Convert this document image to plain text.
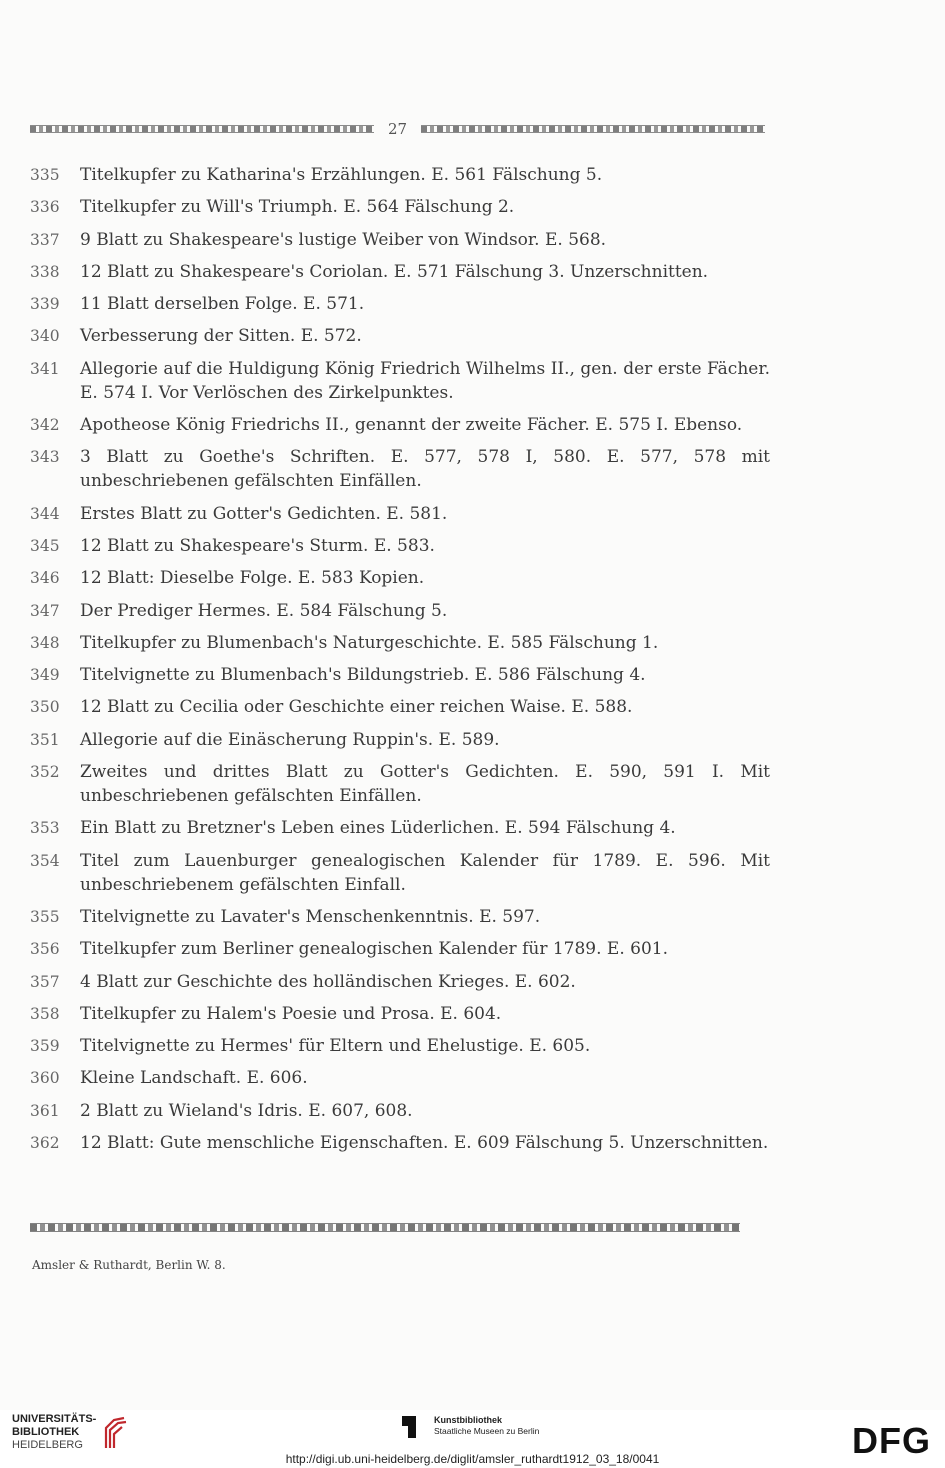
27
335	Titelkupfer zu Katharina's Erzählungen. E. 561 Fälschung 5.
336	Titelkupfer zu Will's Triumph. E. 564 Fälschung 2.
337	9 Blatt zu Shakespeare's lustige Weiber von Windsor. E. 568.
338	12 Blatt zu Shakespeare's Coriolan. E. 571 Fälschung 3. Unzerschnitten.
339	11 Blatt derselben Folge. E. 571.
340	Verbesserung der Sitten. E. 572.
341	Allegorie auf die Huldigung König Friedrich Wilhelms II., gen. der erste Fächer. E. 574 I. Vor Verlöschen des Zirkelpunktes.
342	Apotheose König Friedrichs II., genannt der zweite Fächer. E. 575 I. Ebenso.
343	3 Blatt zu Goethe's Schriften. E. 577, 578 I, 580. E. 577, 578 mit unbeschriebenen gefälschten Einfällen.
344	Erstes Blatt zu Gotter's Gedichten. E. 581.
345	12 Blatt zu Shakespeare's Sturm. E. 583.
346	12 Blatt: Dieselbe Folge. E. 583 Kopien.
347	Der Prediger Hermes. E. 584 Fälschung 5.
348	Titelkupfer zu Blumenbach's Naturgeschichte. E. 585 Fälschung 1.
349	Titelvignette zu Blumenbach's Bildungstrieb. E. 586 Fälschung 4.
350	12 Blatt zu Cecilia oder Geschichte einer reichen Waise. E. 588.
351	Allegorie auf die Einäscherung Ruppin's. E. 589.
352	Zweites und drittes Blatt zu Gotter's Gedichten. E. 590, 591 I. Mit unbeschriebenen gefälschten Einfällen.
353	Ein Blatt zu Bretzner's Leben eines Lüderlichen. E. 594 Fälschung 4.
354	Titel zum Lauenburger genealogischen Kalender für 1789. E. 596. Mit unbeschriebenem gefälschten Einfall.
355	Titelvignette zu Lavater's Menschenkenntnis. E. 597.
356	Titelkupfer zum Berliner genealogischen Kalender für 1789. E. 601.
357	4 Blatt zur Geschichte des holländischen Krieges. E. 602.
358	Titelkupfer zu Halem's Poesie und Prosa. E. 604.
359	Titelvignette zu Hermes' für Eltern und Ehelustige. E. 605.
360	Kleine Landschaft. E. 606.
361	2 Blatt zu Wieland's Idris. E. 607, 608.
362	12 Blatt: Gute menschliche Eigenschaften. E. 609 Fälschung 5. Unzerschnitten.
Amsler & Ruthardt, Berlin W. 8.
UNIVERSITÄTS-
BIBLIOTHEK
HEIDELBERG
Kunstbibliothek
Staatliche Museen zu Berlin	DFG
http://digi.ub.uni-heidelberg.de/diglit/amsler_ruthardt1912_03_18/0041
